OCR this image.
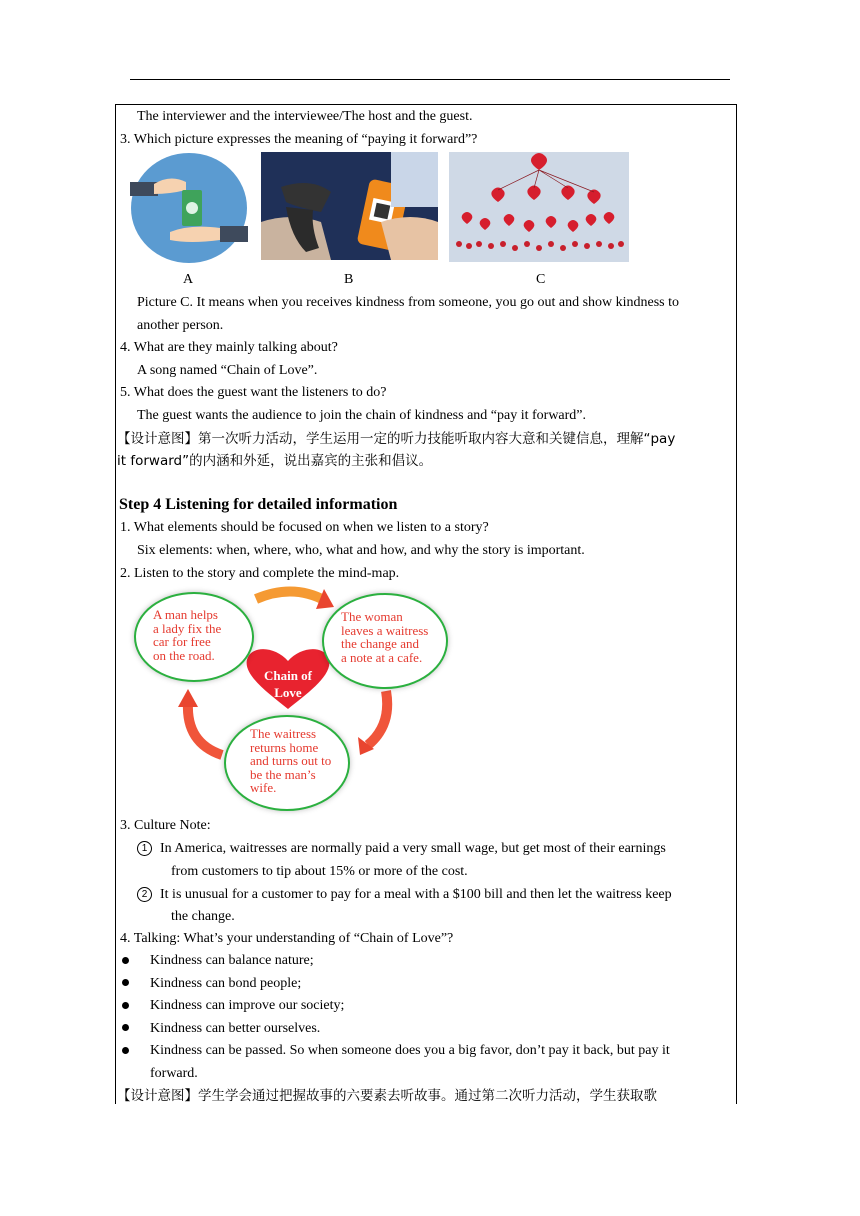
The interviewer and the interviewee/The host and the guest.
3. Which picture expresses the meaning of “paying it forward”?
A	B	C
Picture C. It means when you receives kindness from someone, you go out and show kindness to
another person.
4. What are they mainly talking about?
A song named “Chain of Love”.
5. What does the guest want the listeners to do?
The guest wants the audience to join the chain of kindness and “pay it forward”.
【设计意图】第一次听力活动，学生运用一定的听力技能听取内容大意和关键信息，理解“pay
it forward”的内涵和外延，说出嘉宾的主张和倡议。
Step 4 Listening for detailed information
1. What elements should be focused on when we listen to a story?
Six elements: when, where, who, what and how, and why the story is important.
2. Listen to the story and complete the mind-map.
A man helps
a lady fix the
car for free
on the road.
The woman
leaves a waitress
the change and
a note at a cafe.
The waitress
returns home
and turns out to
be the man’s
wife.
Chain of
Love
3. Culture Note:
1 In America, waitresses are normally paid a very small wage, but get most of their earnings
from customers to tip about 15% or more of the cost.
2 It is unusual for a customer to pay for a meal with a $100 bill and then let the waitress keep
the change.
4. Talking: What’s your understanding of “Chain of Love”?
Kindness can balance nature;
Kindness can bond people;
Kindness can improve our society;
Kindness can better ourselves.
Kindness can be passed. So when someone does you a big favor, don’t pay it back, but pay it
forward.
【设计意图】学生学会通过把握故事的六要素去听故事。通过第二次听力活动，学生获取歌
